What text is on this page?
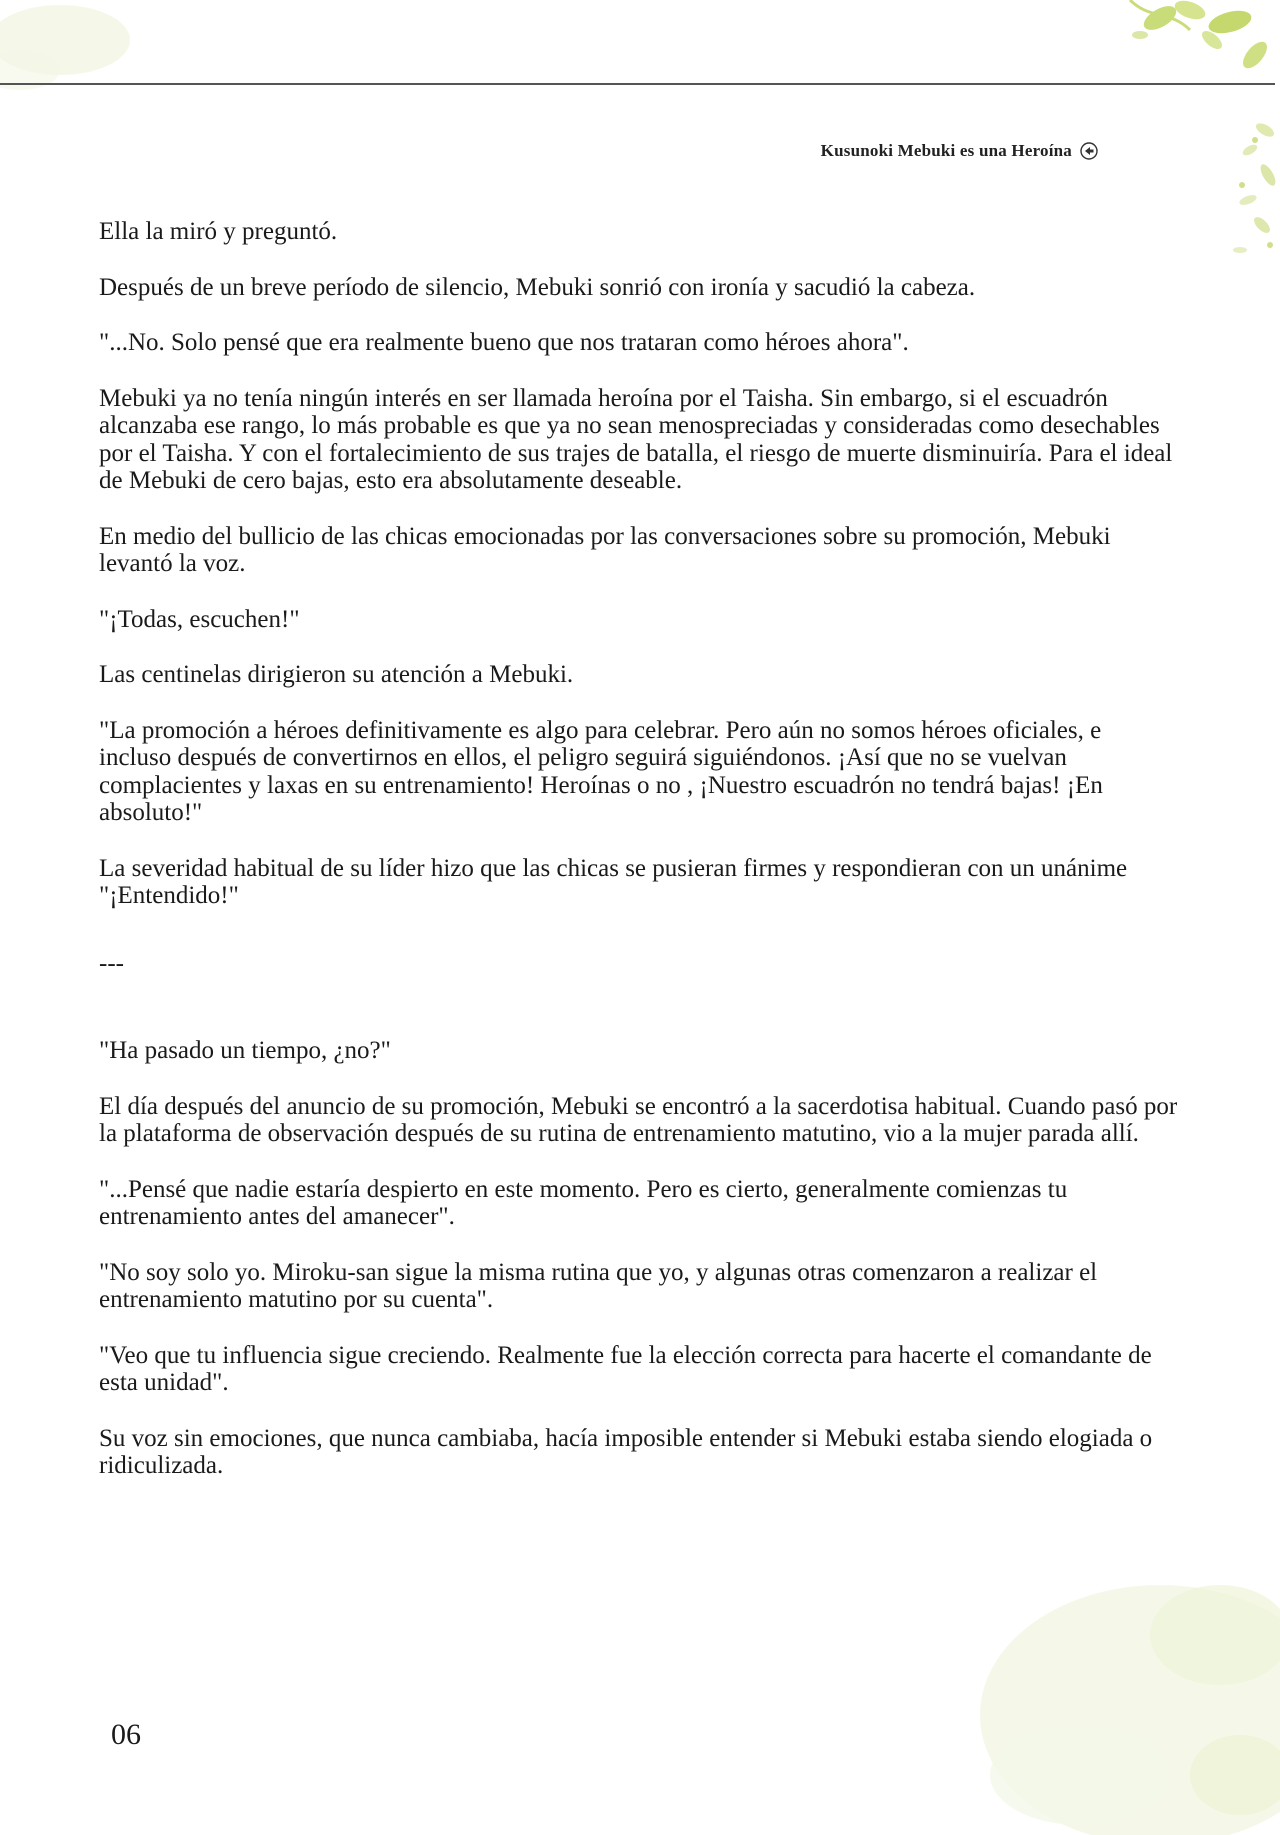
Kusunoki Mebuki es una Heroína

Ella la miró y preguntó.

Después de un breve período de silencio, Mebuki sonrió con ironía y sacudió la cabeza.

"...No. Solo pensé que era realmente bueno que nos trataran como héroes ahora".

Mebuki ya no tenía ningún interés en ser llamada heroína por el Taisha. Sin embargo, si el escuadrón alcanzaba ese rango, lo más probable es que ya no sean menospreciadas y consideradas como desechables por el Taisha. Y con el fortalecimiento de sus trajes de batalla, el riesgo de muerte disminuiría. Para el ideal de Mebuki de cero bajas, esto era absolutamente deseable.

En medio del bullicio de las chicas emocionadas por las conversaciones sobre su promoción, Mebuki levantó la voz.

"¡Todas, escuchen!"

Las centinelas dirigieron su atención a Mebuki.

"La promoción a héroes definitivamente es algo para celebrar. Pero aún no somos héroes oficiales, e incluso después de convertirnos en ellos, el peligro seguirá siguiéndonos. ¡Así que no se vuelvan complacientes y laxas en su entrenamiento! Heroínas o no , ¡Nuestro escuadrón no tendrá bajas! ¡En absoluto!"

La severidad habitual de su líder hizo que las chicas se pusieran firmes y respondieran con un unánime "¡Entendido!"

---

"Ha pasado un tiempo, ¿no?"

El día después del anuncio de su promoción, Mebuki se encontró a la sacerdotisa habitual. Cuando pasó por la plataforma de observación después de su rutina de entrenamiento matutino, vio a la mujer parada allí.

"...Pensé que nadie estaría despierto en este momento. Pero es cierto, generalmente comienzas tu entrenamiento antes del amanecer".

"No soy solo yo. Miroku-san sigue la misma rutina que yo, y algunas otras comenzaron a realizar el entrenamiento matutino por su cuenta".

"Veo que tu influencia sigue creciendo. Realmente fue la elección correcta para hacerte el comandante de esta unidad".

Su voz sin emociones, que nunca cambiaba, hacía imposible entender si Mebuki estaba siendo elogiada o ridiculizada.

06
